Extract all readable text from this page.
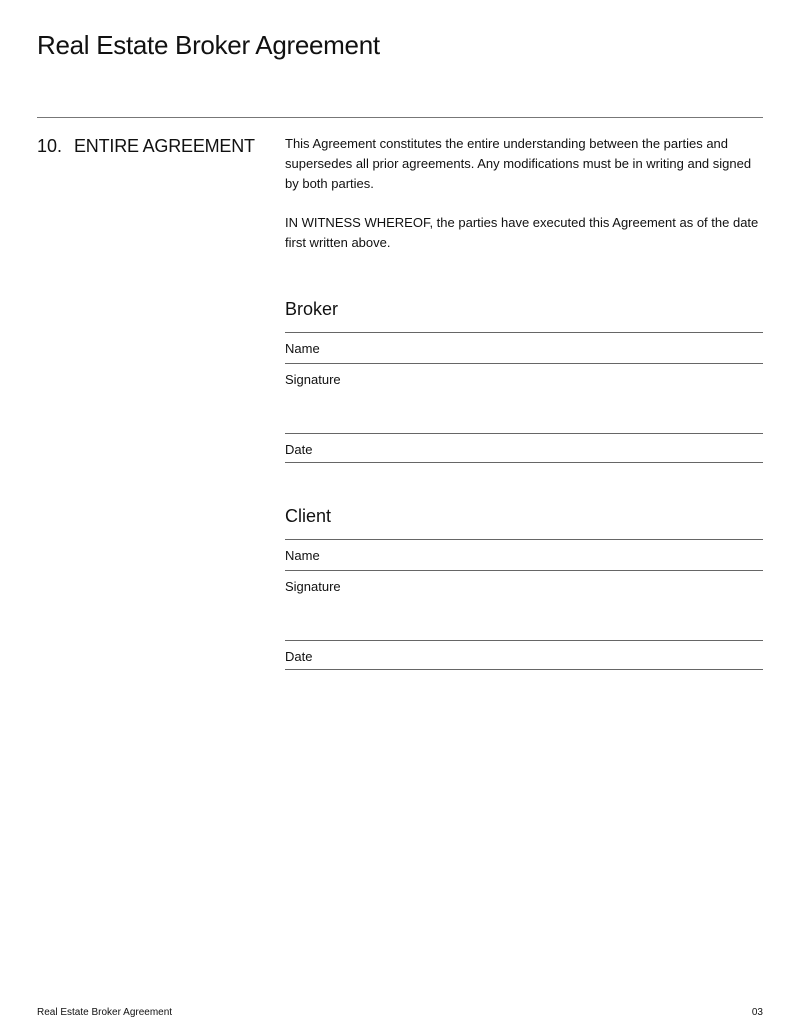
Real Estate Broker Agreement
10. ENTIRE AGREEMENT This Agreement constitutes the entire understanding between the parties and supersedes all prior agreements. Any modifications must be in writing and signed by both parties.

IN WITNESS WHEREOF, the parties have executed this Agreement as of the date first written above.

Broker
Name
Signature
Date
Client
Name
Signature
Date
Real Estate Broker Agreement	03
